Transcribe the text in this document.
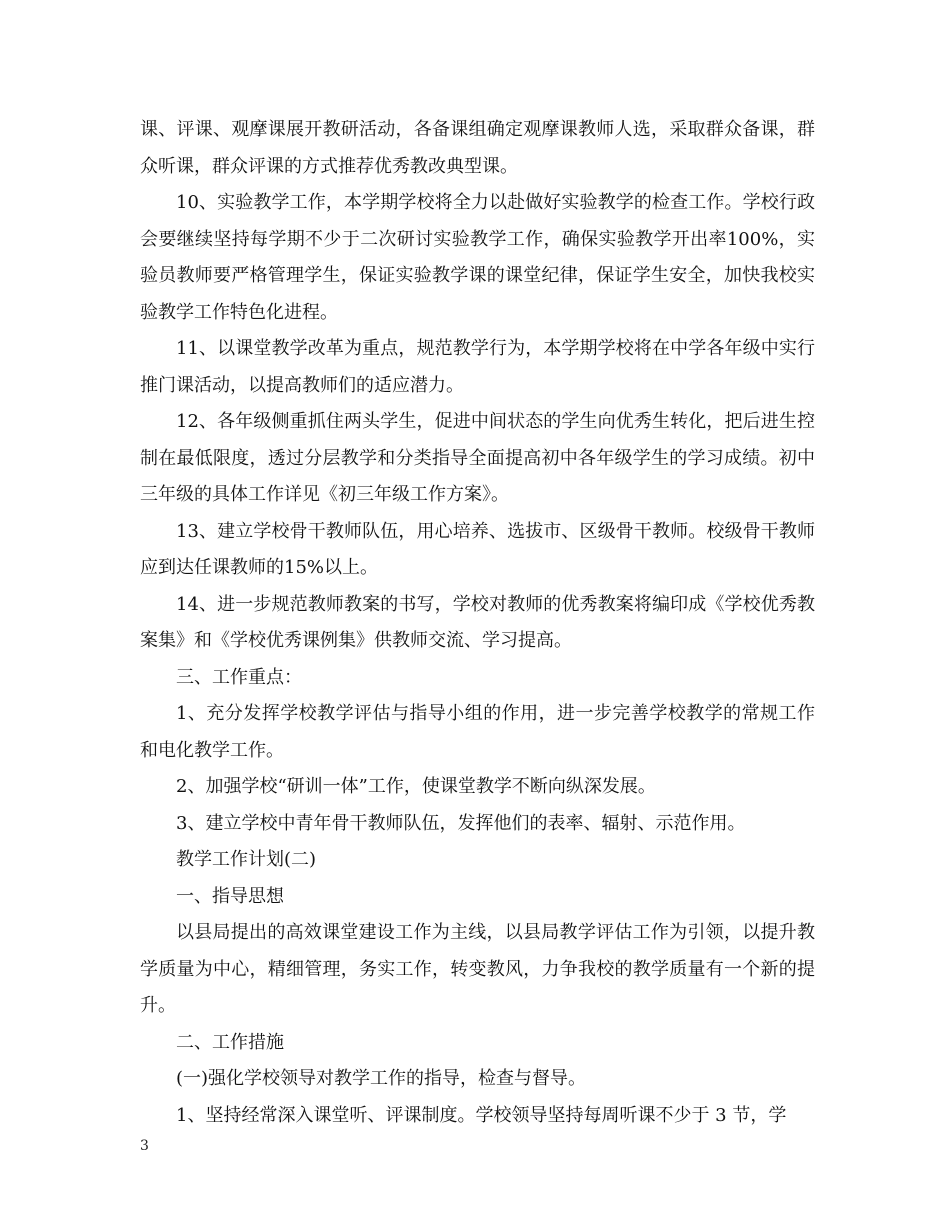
课、评课、观摩课展开教研活动，各备课组确定观摩课教师人选，采取群众备课，群众听课，群众评课的方式推荐优秀教改典型课。

10、实验教学工作，本学期学校将全力以赴做好实验教学的检查工作。学校行政会要继续坚持每学期不少于二次研讨实验教学工作，确保实验教学开出率100%，实验员教师要严格管理学生，保证实验教学课的课堂纪律，保证学生安全，加快我校实验教学工作特色化进程。

11、以课堂教学改革为重点，规范教学行为，本学期学校将在中学各年级中实行推门课活动，以提高教师们的适应潜力。

12、各年级侧重抓住两头学生，促进中间状态的学生向优秀生转化，把后进生控制在最低限度，透过分层教学和分类指导全面提高初中各年级学生的学习成绩。初中三年级的具体工作详见《初三年级工作方案》。

13、建立学校骨干教师队伍，用心培养、选拔市、区级骨干教师。校级骨干教师应到达任课教师的15%以上。

14、进一步规范教师教案的书写，学校对教师的优秀教案将编印成《学校优秀教案集》和《学校优秀课例集》供教师交流、学习提高。

三、工作重点：

1、充分发挥学校教学评估与指导小组的作用，进一步完善学校教学的常规工作和电化教学工作。

2、加强学校“研训一体”工作，使课堂教学不断向纵深发展。

3、建立学校中青年骨干教师队伍，发挥他们的表率、辐射、示范作用。

教学工作计划(二)

一、指导思想

以县局提出的高效课堂建设工作为主线，以县局教学评估工作为引领，以提升教学质量为中心，精细管理，务实工作，转变教风，力争我校的教学质量有一个新的提升。

二、工作措施

(一)强化学校领导对教学工作的指导，检查与督导。

1、坚持经常深入课堂听、评课制度。学校领导坚持每周听课不少于 3 节，学

3
